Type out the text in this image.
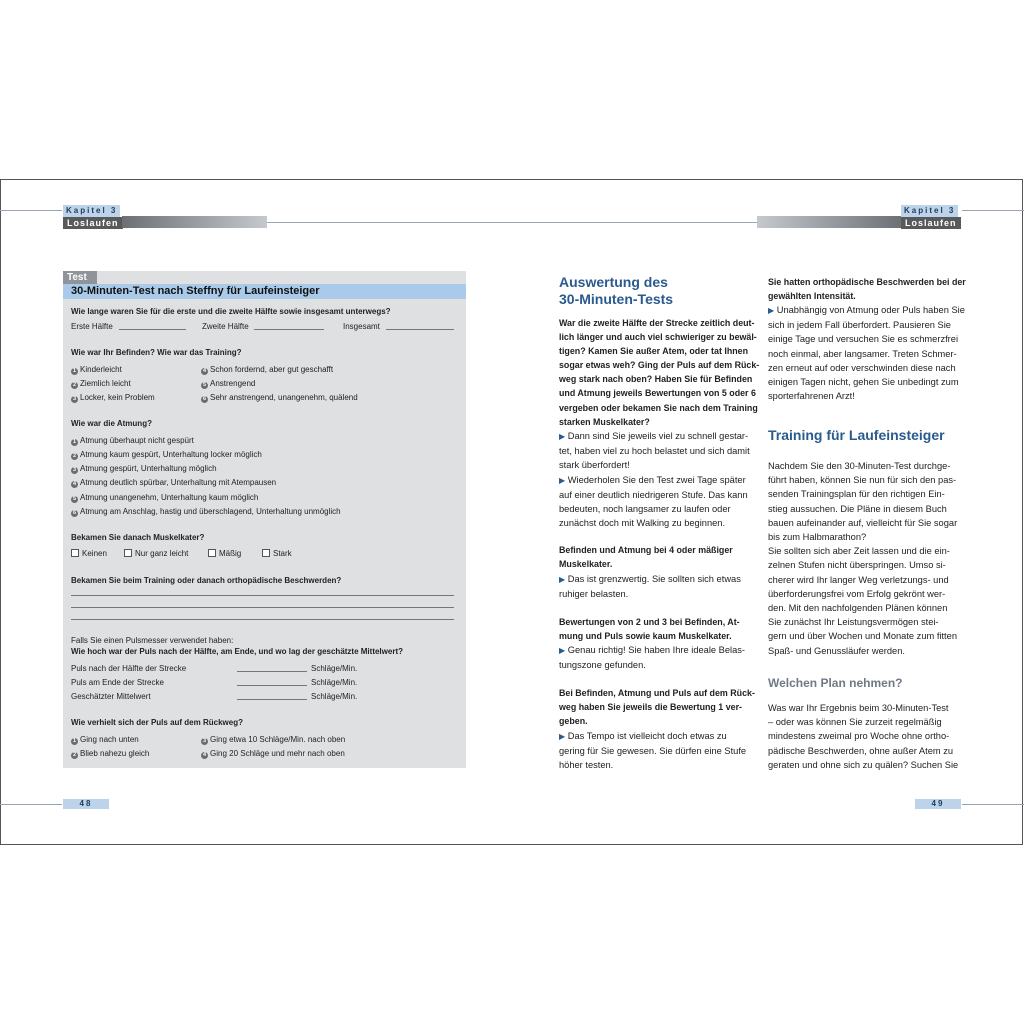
Kapitel 3
Loslaufen
Kapitel 3
Loslaufen
Test
30-Minuten-Test nach Steffny für Laufeinsteiger
Wie lange waren Sie für die erste und die zweite Hälfte sowie insgesamt unterwegs?
Erste Hälfte	Zweite Hälfte	Insgesamt
Wie war Ihr Befinden? Wie war das Training?
1 Kinderleicht
2 Ziemlich leicht
3 Locker, kein Problem
4 Schon fordernd, aber gut geschafft
5 Anstrengend
6 Sehr anstrengend, unangenehm, quälend
Wie war die Atmung?
1 Atmung überhaupt nicht gespürt
2 Atmung kaum gespürt, Unterhaltung locker möglich
3 Atmung gespürt, Unterhaltung möglich
4 Atmung deutlich spürbar, Unterhaltung mit Atempausen
5 Atmung unangenehm, Unterhaltung kaum möglich
6 Atmung am Anschlag, hastig und überschlagend, Unterhaltung unmöglich
Bekamen Sie danach Muskelkater?
Keinen	Nur ganz leicht	Mäßig	Stark
Bekamen Sie beim Training oder danach orthopädische Beschwerden?
Falls Sie einen Pulsmesser verwendet haben:
Wie hoch war der Puls nach der Hälfte, am Ende, und wo lag der geschätzte Mittelwert?
Puls nach der Hälfte der Strecke	Schläge/Min.
Puls am Ende der Strecke	Schläge/Min.
Geschätzter Mittelwert	Schläge/Min.
Wie verhielt sich der Puls auf dem Rückweg?
1 Ging nach unten
2 Blieb nahezu gleich
3 Ging etwa 10 Schläge/Min. nach oben
4 Ging 20 Schläge und mehr nach oben
48	49
Auswertung des
30-Minuten-Tests
War die zweite Hälfte der Strecke zeitlich deut-
lich länger und auch viel schwieriger zu bewäl-
tigen? Kamen Sie außer Atem, oder tat Ihnen
sogar etwas weh? Ging der Puls auf dem Rück-
weg stark nach oben? Haben Sie für Befinden
und Atmung jeweils Bewertungen von 5 oder 6
vergeben oder bekamen Sie nach dem Training
starken Muskelkater?
▶ Dann sind Sie jeweils viel zu schnell gestar-
tet, haben viel zu hoch belastet und sich damit
stark überfordert!
▶ Wiederholen Sie den Test zwei Tage später
auf einer deutlich niedrigeren Stufe. Das kann
bedeuten, noch langsamer zu laufen oder
zunächst doch mit Walking zu beginnen.
Befinden und Atmung bei 4 oder mäßiger
Muskelkater.
▶ Das ist grenzwertig. Sie sollten sich etwas
ruhiger belasten.
Bewertungen von 2 und 3 bei Befinden, At-
mung und Puls sowie kaum Muskelkater.
▶ Genau richtig! Sie haben Ihre ideale Belas-
tungszone gefunden.
Bei Befinden, Atmung und Puls auf dem Rück-
weg haben Sie jeweils die Bewertung 1 ver-
geben.
▶ Das Tempo ist vielleicht doch etwas zu
gering für Sie gewesen. Sie dürfen eine Stufe
höher testen.
Sie hatten orthopädische Beschwerden bei der
gewählten Intensität.
▶ Unabhängig von Atmung oder Puls haben Sie
sich in jedem Fall überfordert. Pausieren Sie
einige Tage und versuchen Sie es schmerzfrei
noch einmal, aber langsamer. Treten Schmer-
zen erneut auf oder verschwinden diese nach
einigen Tagen nicht, gehen Sie unbedingt zum
sporterfahrenen Arzt!
Training für Laufeinsteiger
Nachdem Sie den 30-Minuten-Test durchge-
führt haben, können Sie nun für sich den pas-
senden Trainingsplan für den richtigen Ein-
stieg aussuchen. Die Pläne in diesem Buch
bauen aufeinander auf, vielleicht für Sie sogar
bis zum Halbmarathon?
Sie sollten sich aber Zeit lassen und die ein-
zelnen Stufen nicht überspringen. Umso si-
cherer wird Ihr langer Weg verletzungs- und
überforderungsfrei vom Erfolg gekrönt wer-
den. Mit den nachfolgenden Plänen können
Sie zunächst Ihr Leistungsvermögen stei-
gern und über Wochen und Monate zum fitten
Spaß- und Genussläufer werden.
Welchen Plan nehmen?
Was war Ihr Ergebnis beim 30-Minuten-Test
– oder was können Sie zurzeit regelmäßig
mindestens zweimal pro Woche ohne ortho-
pädische Beschwerden, ohne außer Atem zu
geraten und ohne sich zu quälen? Suchen Sie
